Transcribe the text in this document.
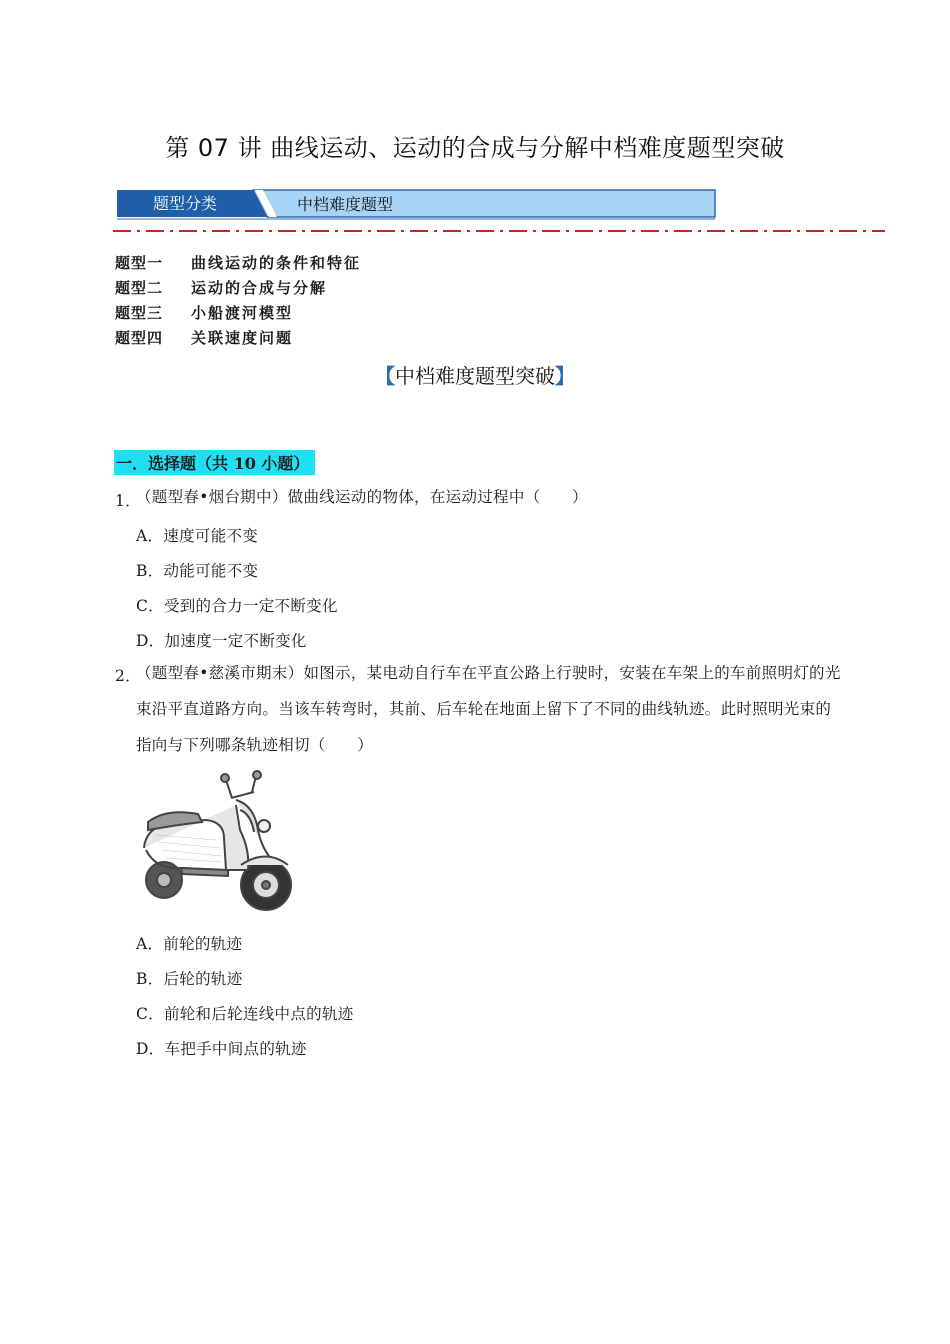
第 07 讲 曲线运动、运动的合成与分解中档难度题型突破
题型分类	中档难度题型
题型一	曲线运动的条件和特征
题型二	运动的合成与分解
题型三	小船渡河模型
题型四	关联速度问题
【中档难度题型突破】
一．选择题（共 10 小题）
1．
（题型春•烟台期中）做曲线运动的物体，在运动过程中（　　）
A．速度可能不变
B．动能可能不变
C．受到的合力一定不断变化
D．加速度一定不断变化
2．
（题型春•慈溪市期末）如图示，某电动自行车在平直公路上行驶时，安装在车架上的车前照明灯的光束沿平直道路方向。当该车转弯时，其前、后车轮在地面上留下了不同的曲线轨迹。此时照明光束的指向与下列哪条轨迹相切（　　）
A．前轮的轨迹
B．后轮的轨迹
C．前轮和后轮连线中点的轨迹
D．车把手中间点的轨迹
